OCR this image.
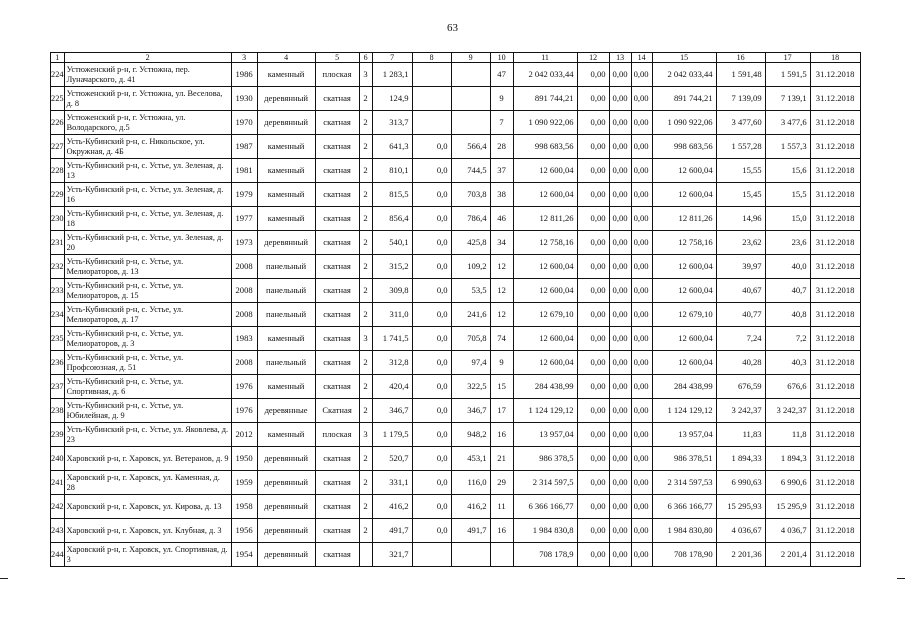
63
1	2	3	4	5	6	7	8	9	10	11	12	13	14	15	16	17	18
224	Устюженский р-н, г. Устюжна, пер. Луначарского, д. 41	1986	каменный	плоская	3	1 283,1			47	2 042 033,44	0,00	0,00	0,00	2 042 033,44	1 591,48	1 591,5	31.12.2018
225	Устюженский р-н, г. Устюжна, ул. Веселова, д. 8	1930	деревянный	скатная	2	124,9			9	891 744,21	0,00	0,00	0,00	891 744,21	7 139,09	7 139,1	31.12.2018
226	Устюженский р-н, г. Устюжна, ул. Володарского, д.5	1970	деревянный	скатная	2	313,7			7	1 090 922,06	0,00	0,00	0,00	1 090 922,06	3 477,60	3 477,6	31.12.2018
227	Усть-Кубинский р-н, с. Никольское, ул. Окружная, д. 4Б	1987	каменный	скатная	2	641,3	0,0	566,4	28	998 683,56	0,00	0,00	0,00	998 683,56	1 557,28	1 557,3	31.12.2018
228	Усть-Кубинский р-н, с. Устье, ул. Зеленая, д. 13	1981	каменный	скатная	2	810,1	0,0	744,5	37	12 600,04	0,00	0,00	0,00	12 600,04	15,55	15,6	31.12.2018
229	Усть-Кубинский р-н, с. Устье, ул. Зеленая, д. 16	1979	каменный	скатная	2	815,5	0,0	703,8	38	12 600,04	0,00	0,00	0,00	12 600,04	15,45	15,5	31.12.2018
230	Усть-Кубинский р-н, с. Устье, ул. Зеленая, д. 18	1977	каменный	скатная	2	856,4	0,0	786,4	46	12 811,26	0,00	0,00	0,00	12 811,26	14,96	15,0	31.12.2018
231	Усть-Кубинский р-н, с. Устье, ул. Зеленая, д. 20	1973	деревянный	скатная	2	540,1	0,0	425,8	34	12 758,16	0,00	0,00	0,00	12 758,16	23,62	23,6	31.12.2018
232	Усть-Кубинский р-н, с. Устье, ул. Мелиораторов, д. 13	2008	панельный	скатная	2	315,2	0,0	109,2	12	12 600,04	0,00	0,00	0,00	12 600,04	39,97	40,0	31.12.2018
233	Усть-Кубинский р-н, с. Устье, ул. Мелиораторов, д. 15	2008	панельный	скатная	2	309,8	0,0	53,5	12	12 600,04	0,00	0,00	0,00	12 600,04	40,67	40,7	31.12.2018
234	Усть-Кубинский р-н, с. Устье, ул. Мелиораторов, д. 17	2008	панельный	скатная	2	311,0	0,0	241,6	12	12 679,10	0,00	0,00	0,00	12 679,10	40,77	40,8	31.12.2018
235	Усть-Кубинский р-н, с. Устье, ул. Мелиораторов, д. 3	1983	каменный	скатная	3	1 741,5	0,0	705,8	74	12 600,04	0,00	0,00	0,00	12 600,04	7,24	7,2	31.12.2018
236	Усть-Кубинский р-н, с. Устье, ул. Профсоюзная, д. 51	2008	панельный	скатная	2	312,8	0,0	97,4	9	12 600,04	0,00	0,00	0,00	12 600,04	40,28	40,3	31.12.2018
237	Усть-Кубинский р-н, с. Устье, ул. Спортивная, д. 6	1976	каменный	скатная	2	420,4	0,0	322,5	15	284 438,99	0,00	0,00	0,00	284 438,99	676,59	676,6	31.12.2018
238	Усть-Кубинский р-н, с. Устье, ул. Юбилейная, д. 9	1976	деревянные	Скатная	2	346,7	0,0	346,7	17	1 124 129,12	0,00	0,00	0,00	1 124 129,12	3 242,37	3 242,37	31.12.2018
239	Усть-Кубинский р-н, с. Устье, ул. Яковлева, д. 23	2012	каменный	плоская	3	1 179,5	0,0	948,2	16	13 957,04	0,00	0,00	0,00	13 957,04	11,83	11,8	31.12.2018
240	Харовский р-н, г. Харовск, ул. Ветеранов, д. 9	1950	деревянный	скатная	2	520,7	0,0	453,1	21	986 378,5	0,00	0,00	0,00	986 378,51	1 894,33	1 894,3	31.12.2018
241	Харовский р-н, г. Харовск, ул. Каменная, д. 28	1959	деревянный	скатная	2	331,1	0,0	116,0	29	2 314 597,5	0,00	0,00	0,00	2 314 597,53	6 990,63	6 990,6	31.12.2018
242	Харовский р-н, г. Харовск, ул. Кирова, д. 13	1958	деревянный	скатная	2	416,2	0,0	416,2	11	6 366 166,77	0,00	0,00	0,00	6 366 166,77	15 295,93	15 295,9	31.12.2018
243	Харовский р-н, г. Харовск, ул. Клубная, д. 3	1956	деревянный	скатная	2	491,7	0,0	491,7	16	1 984 830,8	0,00	0,00	0,00	1 984 830,80	4 036,67	4 036,7	31.12.2018
244	Харовский р-н, г. Харовск, ул. Спортивная, д. 3	1954	деревянный	скатная		321,7				708 178,9	0,00	0,00	0,00	708 178,90	2 201,36	2 201,4	31.12.2018
